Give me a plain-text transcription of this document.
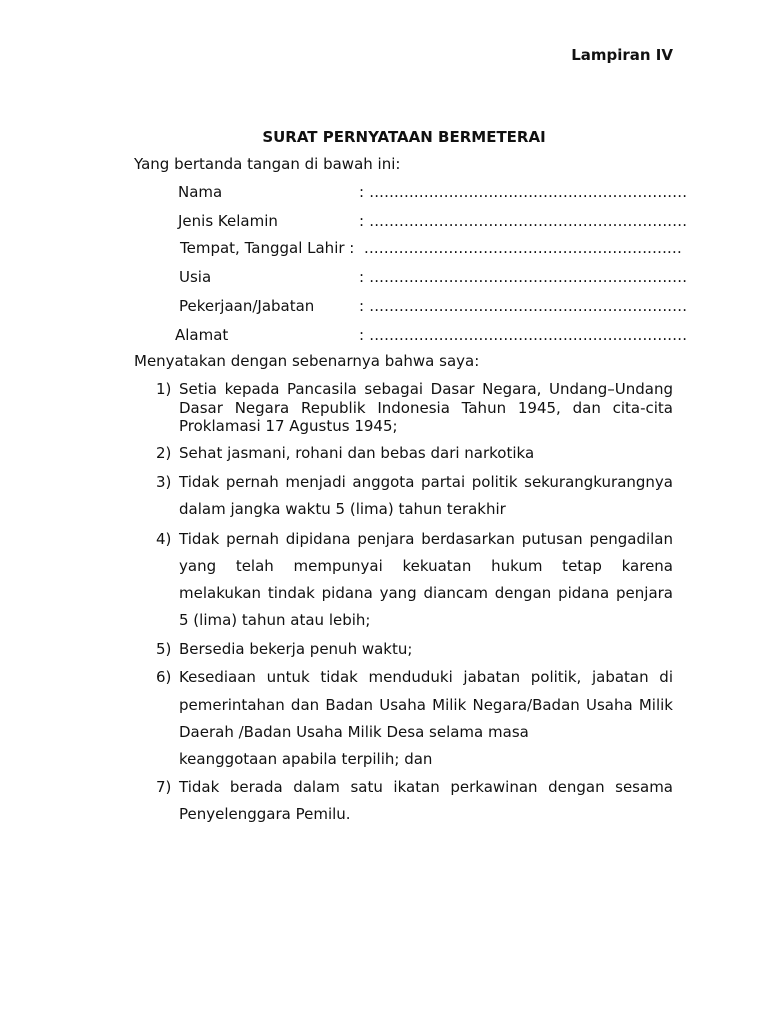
Lampiran IV
SURAT PERNYATAAN BERMETERAI
Yang bertanda tangan di bawah ini:
Nama	: ................................................................
Jenis Kelamin	: ................................................................
Tempat, Tanggal Lahir : ................................................................
Usia	: ................................................................
Pekerjaan/Jabatan	: ................................................................
Alamat	: ................................................................
Menyatakan dengan sebenarnya bahwa saya:
1) Setia kepada Pancasila sebagai Dasar Negara, Undang–Undang
Dasar Negara Republik Indonesia Tahun 1945, dan cita-cita
Proklamasi 17 Agustus 1945;
2) Sehat jasmani, rohani dan bebas dari narkotika
3) Tidak pernah menjadi anggota partai politik sekurangkurangnya
dalam jangka waktu 5 (lima) tahun terakhir
4) Tidak pernah dipidana penjara berdasarkan putusan pengadilan
yang telah mempunyai kekuatan hukum tetap karena
melakukan tindak pidana yang diancam dengan pidana penjara
5 (lima) tahun atau lebih;
5) Bersedia bekerja penuh waktu;
6) Kesediaan untuk tidak menduduki jabatan politik, jabatan di
pemerintahan dan Badan Usaha Milik Negara/Badan Usaha Milik
Daerah /Badan Usaha Milik Desa selama masa
keanggotaan apabila terpilih; dan
7) Tidak berada dalam satu ikatan perkawinan dengan sesama
Penyelenggara Pemilu.
